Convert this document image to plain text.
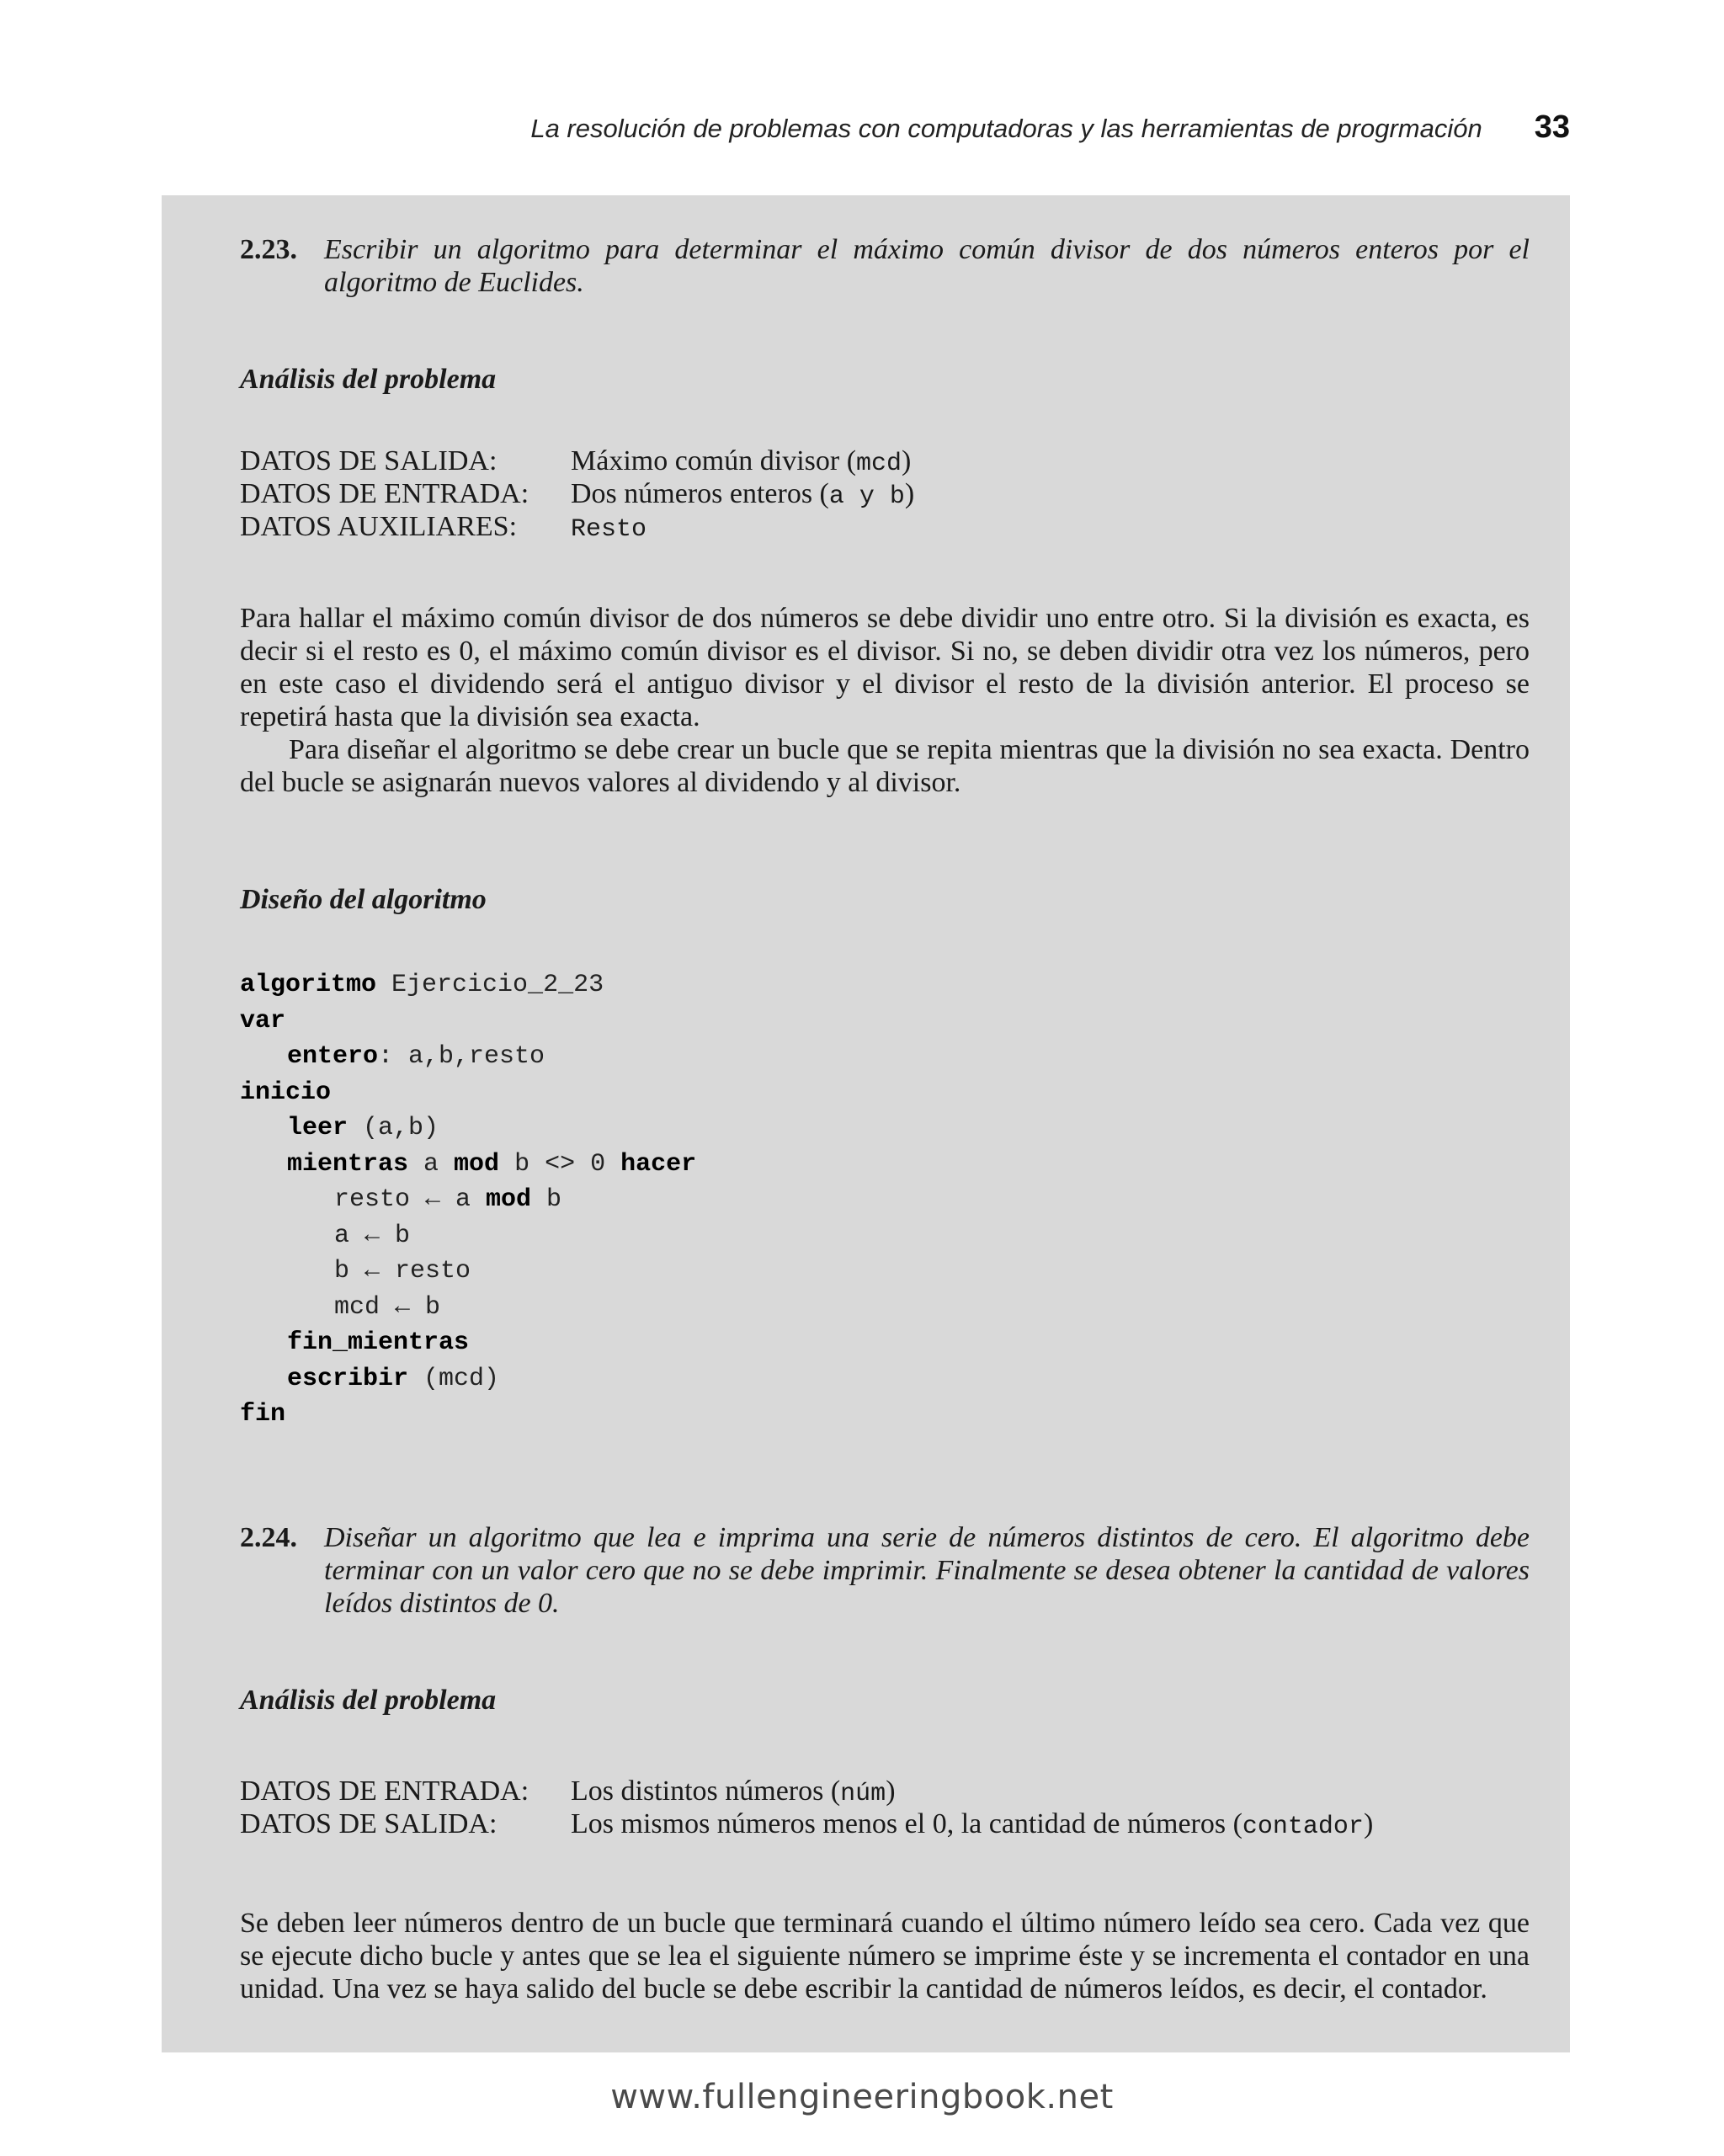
La resolución de problemas con computadoras y las herramientas de progrmación 33
2.23. Escribir un algoritmo para determinar el máximo común divisor de dos números enteros por el algoritmo de Euclides.
Análisis del problema
DATOS DE SALIDA:	Máximo común divisor (mcd)
DATOS DE ENTRADA:	Dos números enteros (a y b)
DATOS AUXILIARES:	Resto

Para hallar el máximo común divisor de dos números se debe dividir uno entre otro. Si la división es exacta, es decir si el resto es 0, el máximo común divisor es el divisor. Si no, se deben dividir otra vez los números, pero en este caso el dividendo será el antiguo divisor y el divisor el resto de la división anterior. El proceso se repetirá hasta que la división sea exacta.

Para diseñar el algoritmo se debe crear un bucle que se repita mientras que la división no sea exacta. Dentro del bucle se asignarán nuevos valores al dividendo y al divisor.

Diseño del algoritmo
algoritmo Ejercicio_2_23
var
entero: a,b,resto
inicio
leer (a,b)
mientras a mod b <> 0 hacer
resto ← a mod b
a ← b
b ← resto
mcd ← b
fin_mientras
escribir (mcd)
fin
2.24. Diseñar un algoritmo que lea e imprima una serie de números distintos de cero. El algoritmo debe terminar con un valor cero que no se debe imprimir. Finalmente se desea obtener la cantidad de valores leídos distintos de 0.
Análisis del problema
DATOS DE ENTRADA:	Los distintos números (núm)
DATOS DE SALIDA:	Los mismos números menos el 0, la cantidad de números (contador)

Se deben leer números dentro de un bucle que terminará cuando el último número leído sea cero. Cada vez que se ejecute dicho bucle y antes que se lea el siguiente número se imprime éste y se incrementa el contador en una unidad. Una vez se haya salido del bucle se debe escribir la cantidad de números leídos, es decir, el contador.

www.fullengineeringbook.net
